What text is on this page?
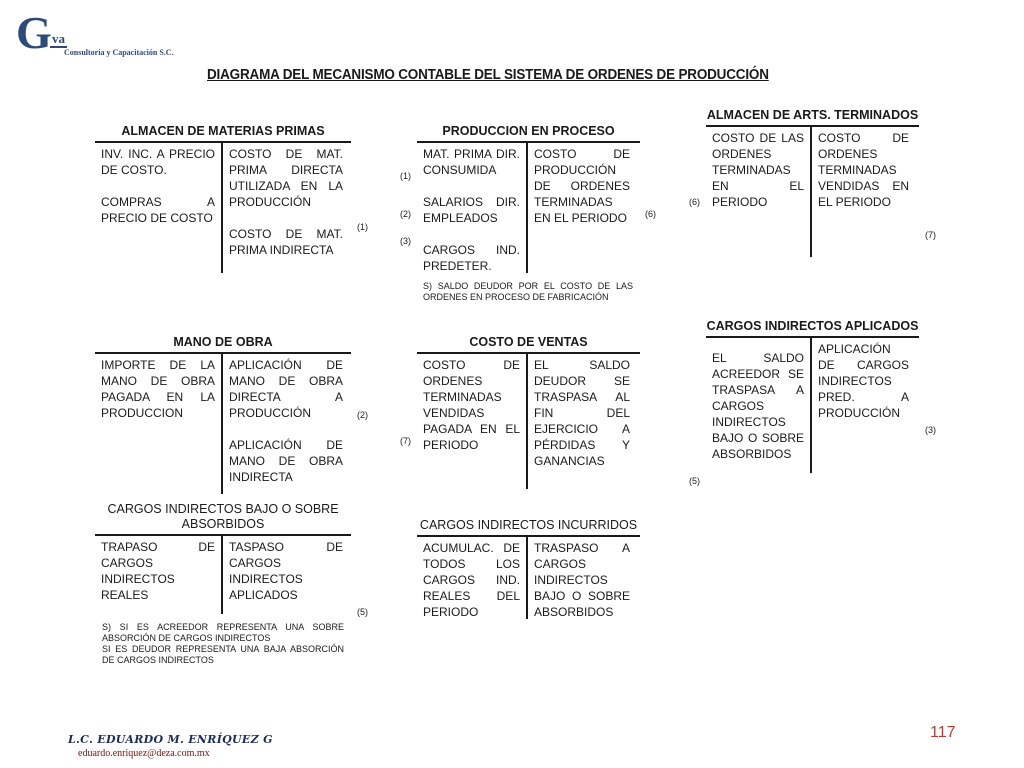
G va
Consultoría y Capacitación S.C.
DIAGRAMA DEL MECANISMO CONTABLE DEL SISTEMA DE ORDENES DE PRODUCCIÓN
ALMACEN DE MATERIAS PRIMAS

INV. INC. A PRECIO DE COSTO.

COMPRAS A PRECIO DE COSTO

COSTO DE MAT. PRIMA DIRECTA UTILIZADA EN LA PRODUCCIÓN

COSTO DE MAT. PRIMA INDIRECTA

(1)
PRODUCCION EN PROCESO

MAT. PRIMA DIR. CONSUMIDA

SALARIOS DIR. EMPLEADOS

CARGOS IND. PREDETER.

COSTO DE PRODUCCIÓN DE ORDENES TERMINADAS EN EL PERIODO

(1)
(2)
(3)
(6)
S) SALDO DEUDOR POR EL COSTO DE LAS ORDENES EN PROCESO DE FABRICACIÓN
ALMACEN DE ARTS. TERMINADOS

COSTO DE LAS ORDENES TERMINADAS EN EL PERIODO

COSTO DE ORDENES TERMINADAS VENDIDAS EN EL PERIODO

(6)
(7)
MANO DE OBRA

IMPORTE DE LA MANO DE OBRA PAGADA EN LA PRODUCCION

APLICACIÓN DE MANO DE OBRA DIRECTA A PRODUCCIÓN

APLICACIÓN DE MANO DE OBRA INDIRECTA

(2)
COSTO DE VENTAS

COSTO DE ORDENES TERMINADAS VENDIDAS PAGADA EN EL PERIODO

EL SALDO DEUDOR SE TRASPASA AL FIN DEL EJERCICIO A PÉRDIDAS Y GANANCIAS

(7)
CARGOS INDIRECTOS APLICADOS

EL SALDO ACREEDOR SE TRASPASA A CARGOS INDIRECTOS BAJO O SOBRE ABSORBIDOS

APLICACIÓN DE CARGOS INDIRECTOS PRED. A PRODUCCIÓN

(5)
(3)
CARGOS INDIRECTOS BAJO O SOBRE ABSORBIDOS

TRAPASO DE CARGOS INDIRECTOS REALES

TASPASO DE CARGOS INDIRECTOS APLICADOS

(5)

S) SI ES ACREEDOR REPRESENTA UNA SOBRE ABSORCIÓN DE CARGOS INDIRECTOS

SI ES DEUDOR REPRESENTA UNA BAJA ABSORCIÓN DE CARGOS INDIRECTOS

CARGOS INDIRECTOS INCURRIDOS

ACUMULAC. DE TODOS LOS CARGOS IND. REALES DEL PERIODO

TRASPASO A CARGOS INDIRECTOS BAJO O SOBRE ABSORBIDOS

L.C. EDUARDO M. ENRÍQUEZ G
eduardo.enriquez@deza.com.mx
117
